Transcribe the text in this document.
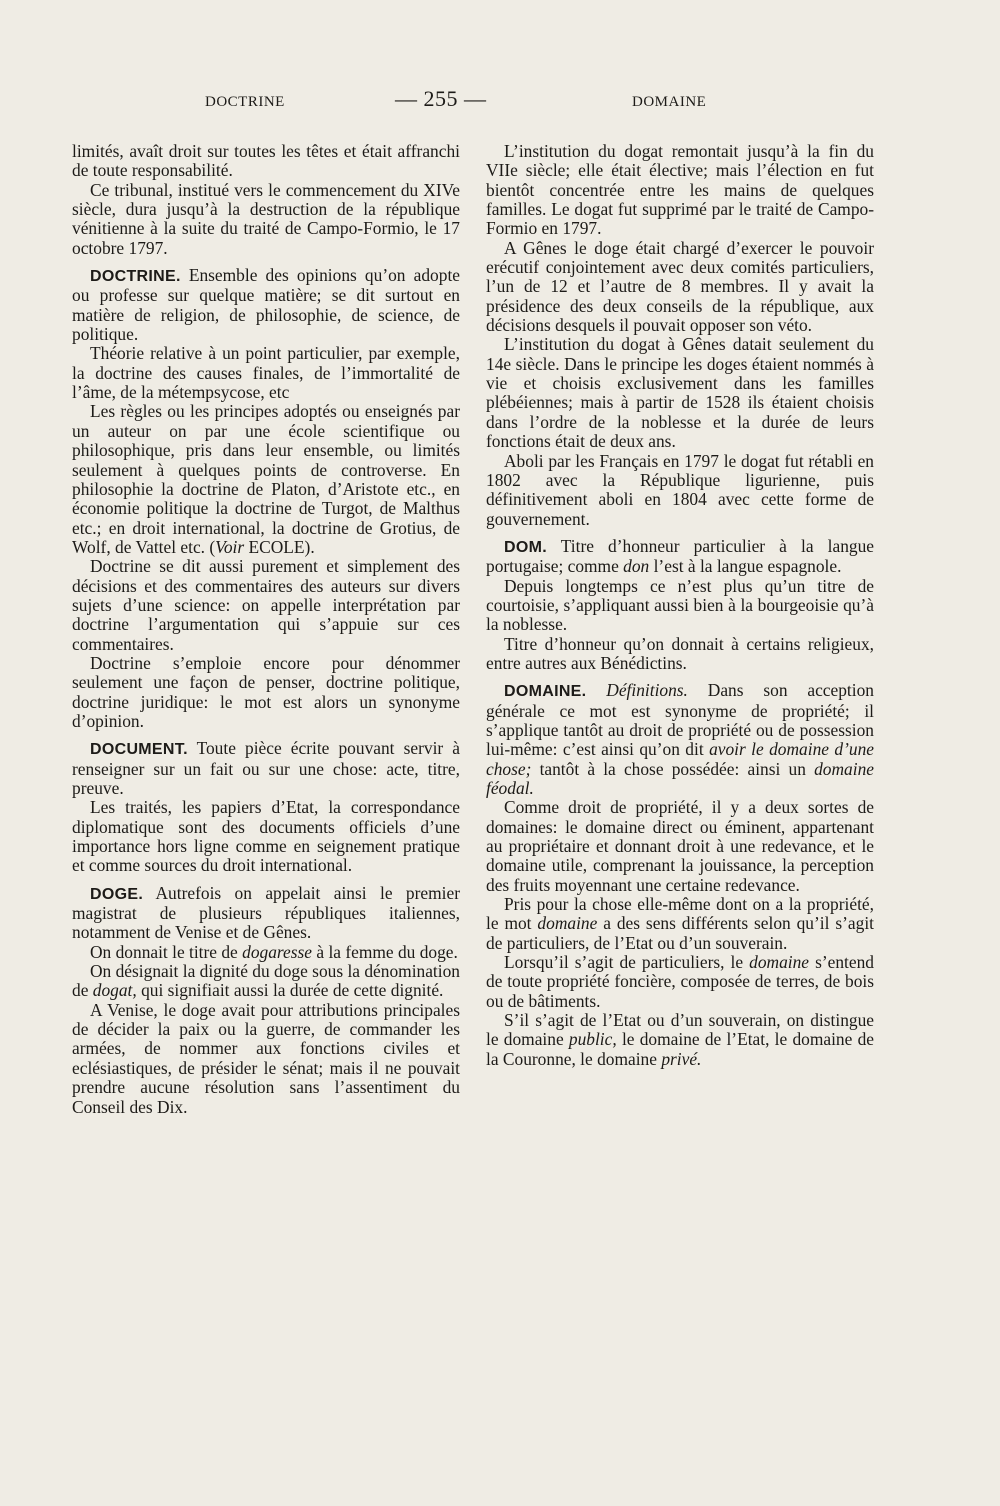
DOCTRINE	— 255 —	DOMAINE

limités, avaît droit sur toutes les têtes et était affranchi de toute responsabilité.

Ce tribunal, institué vers le commencement du XIVe siècle, dura jusqu’à la destruction de la république vénitienne à la suite du traité de Campo-Formio, le 17 octobre 1797.

DOCTRINE. Ensemble des opinions qu’on adopte ou professe sur quelque matière; se dit surtout en matière de religion, de philosophie, de science, de politique.

Théorie relative à un point particulier, par exemple, la doctrine des causes finales, de l’immortalité de l’âme, de la métempsycose, etc

Les règles ou les principes adoptés ou enseignés par un auteur on par une école scientifique ou philosophique, pris dans leur ensemble, ou limités seulement à quelques points de controverse. En philosophie la doctrine de Platon, d’Aristote etc., en économie politique la doctrine de Turgot, de Malthus etc.; en droit international, la doctrine de Grotius, de Wolf, de Vattel etc. (Voir ECOLE).

Doctrine se dit aussi purement et simplement des décisions et des commentaires des auteurs sur divers sujets d’une science: on appelle interprétation par doctrine l’argumentation qui s’appuie sur ces commentaires.

Doctrine s’emploie encore pour dénommer seulement une façon de penser, doctrine politique, doctrine juridique: le mot est alors un synonyme d’opinion.

DOCUMENT. Toute pièce écrite pouvant servir à renseigner sur un fait ou sur une chose: acte, titre, preuve.

Les traités, les papiers d’Etat, la correspondance diplomatique sont des documents officiels d’une importance hors ligne comme en seignement pratique et comme sources du droit international.

DOGE. Autrefois on appelait ainsi le premier magistrat de plusieurs républiques italiennes, notamment de Venise et de Gênes.

On donnait le titre de dogaresse à la femme du doge.

On désignait la dignité du doge sous la dénomination de dogat, qui signifiait aussi la durée de cette dignité.

A Venise, le doge avait pour attributions principales de décider la paix ou la guerre, de commander les armées, de nommer aux fonctions civiles et eclésiastiques, de présider le sénat; mais il ne pouvait prendre aucune résolution sans l’assentiment du Conseil des Dix.

L’institution du dogat remontait jusqu’à la fin du VIIe siècle; elle était élective; mais l’élection en fut bientôt concentrée entre les mains de quelques familles. Le dogat fut supprimé par le traité de Campo-Formio en 1797.

A Gênes le doge était chargé d’exercer le pouvoir erécutif conjointement avec deux comités particuliers, l’un de 12 et l’autre de 8 membres. Il y avait la présidence des deux conseils de la république, aux décisions desquels il pouvait opposer son véto.

L’institution du dogat à Gênes datait seulement du 14e siècle. Dans le principe les doges étaient nommés à vie et choisis exclusivement dans les familles plébéiennes; mais à partir de 1528 ils étaient choisis dans l’ordre de la noblesse et la durée de leurs fonctions était de deux ans.

Aboli par les Français en 1797 le dogat fut rétabli en 1802 avec la République ligurienne, puis définitivement aboli en 1804 avec cette forme de gouvernement.

DOM. Titre d’honneur particulier à la langue portugaise; comme don l’est à la langue espagnole.

Depuis longtemps ce n’est plus qu’un titre de courtoisie, s’appliquant aussi bien à la bourgeoisie qu’à la noblesse.

Titre d’honneur qu’on donnait à certains religieux, entre autres aux Bénédictins.

DOMAINE. Définitions. Dans son acception générale ce mot est synonyme de propriété; il s’applique tantôt au droit de propriété ou de possession lui-même: c’est ainsi qu’on dit avoir le domaine d’une chose; tantôt à la chose possédée: ainsi un domaine féodal.

Comme droit de propriété, il y a deux sortes de domaines: le domaine direct ou éminent, appartenant au propriétaire et donnant droit à une redevance, et le domaine utile, comprenant la jouissance, la perception des fruits moyennant une certaine redevance.

Pris pour la chose elle-même dont on a la propriété, le mot domaine a des sens différents selon qu’il s’agit de particuliers, de l’Etat ou d’un souverain.

Lorsqu’il s’agit de particuliers, le domaine s’entend de toute propriété foncière, composée de terres, de bois ou de bâtiments.

S’il s’agit de l’Etat ou d’un souverain, on distingue le domaine public, le domaine de l’Etat, le domaine de la Couronne, le domaine privé.
